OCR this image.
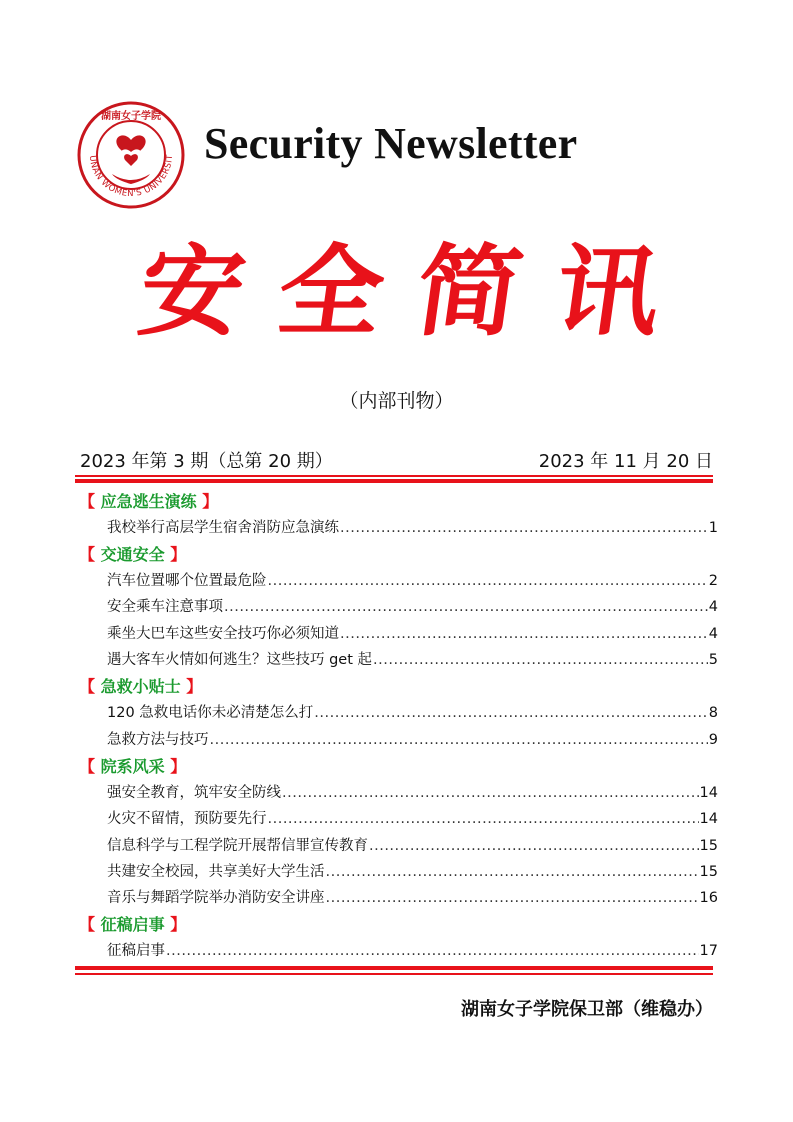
UNAN WOMEN'S UNIVERSIT
湖南女子学院
Security Newsletter
安 全 简 讯
（内部刊物）
2023 年第 3 期（总第 20 期）	2023 年 11 月 20 日
【 应急逃生演练 】
我校举行高层学生宿舍消防应急演练 .....	1
【 交通安全 】
汽车位置哪个位置最危险 .....	2
安全乘车注意事项 .....	4
乘坐大巴车这些安全技巧你必须知道 .....	4
遇大客车火情如何逃生？这些技巧 get 起 .....	5
【 急救小贴士 】
120 急救电话你未必清楚怎么打 .....	8
急救方法与技巧 .....	9
【 院系风采 】
强安全教育，筑牢安全防线 .....	14
火灾不留情，预防要先行 .....	14
信息科学与工程学院开展帮信罪宣传教育 .....	15
共建安全校园，共享美好大学生活 .....	15
音乐与舞蹈学院举办消防安全讲座 .....	16
【 征稿启事 】
征稿启事 .....	17
湖南女子学院保卫部（维稳办）
